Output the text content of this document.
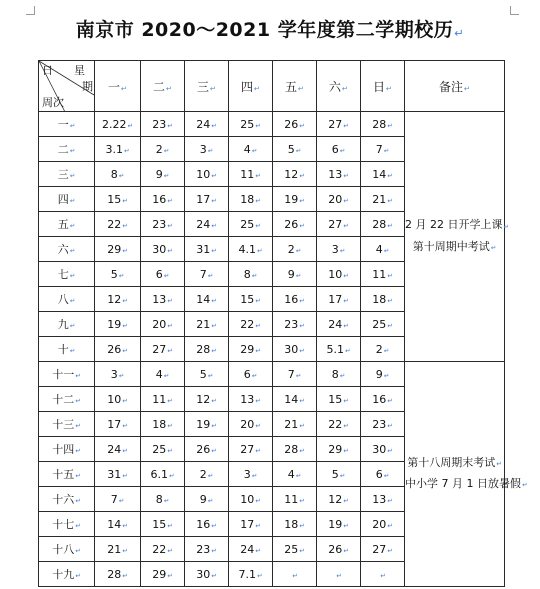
南京市 2020～2021 学年度第二学期校历↵
星
期
日
周次	一↵	二↵	三↵	四↵	五↵	六↵	日↵	备注↵
一↵	2.22↵	23↵	24↵	25↵	26↵	27↵	28↵	2 月 22 日开学上课↵
第十周期中考试↵

二↵	3.1↵	2↵	3↵	4↵	5↵	6↵	7↵	
三↵	8↵	9↵	10↵	11↵	12↵	13↵	14↵	
四↵	15↵	16↵	17↵	18↵	19↵	20↵	21↵	
五↵	22↵	23↵	24↵	25↵	26↵	27↵	28↵	
六↵	29↵	30↵	31↵	4.1↵	2↵	3↵	4↵	
七↵	5↵	6↵	7↵	8↵	9↵	10↵	11↵	
八↵	12↵	13↵	14↵	15↵	16↵	17↵	18↵	
九↵	19↵	20↵	21↵	22↵	23↵	24↵	25↵	
十↵	26↵	27↵	28↵	29↵	30↵	5.1↵	2↵	
十一↵	3↵	4↵	5↵	6↵	7↵	8↵	9↵	第十八周期末考试↵
中小学 7 月 1 日放暑假↵

十二↵	10↵	11↵	12↵	13↵	14↵	15↵	16↵	
十三↵	17↵	18↵	19↵	20↵	21↵	22↵	23↵	
十四↵	24↵	25↵	26↵	27↵	28↵	29↵	30↵	
十五↵	31↵	6.1↵	2↵	3↵	4↵	5↵	6↵	
十六↵	7↵	8↵	9↵	10↵	11↵	12↵	13↵	
十七↵	14↵	15↵	16↵	17↵	18↵	19↵	20↵	
十八↵	21↵	22↵	23↵	24↵	25↵	26↵	27↵	
十九↵	28↵	29↵	30↵	7.1↵	↵	↵	↵	
